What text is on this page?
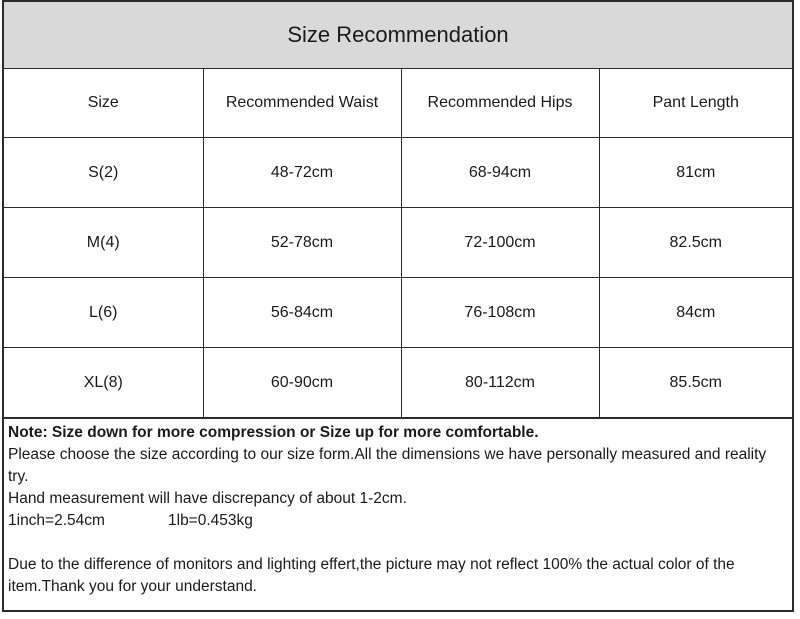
Size Recommendation
Size	Recommended Waist	Recommended Hips	Pant Length
S(2)	48-72cm	68-94cm	81cm
M(4)	52-78cm	72-100cm	82.5cm
L(6)	56-84cm	76-108cm	84cm
XL(8)	60-90cm	80-112cm	85.5cm

Note: Size down for more compression or Size up for more comfortable.

Please choose the size according to our size form.All the dimensions we have personally measured and reality try.

Hand measurement will have discrepancy of about 1-2cm.

1inch=2.54cm	1lb=0.453kg

Due to the difference of monitors and lighting effert,the picture may not reflect 100% the actual color of the item.Thank you for your understand.
